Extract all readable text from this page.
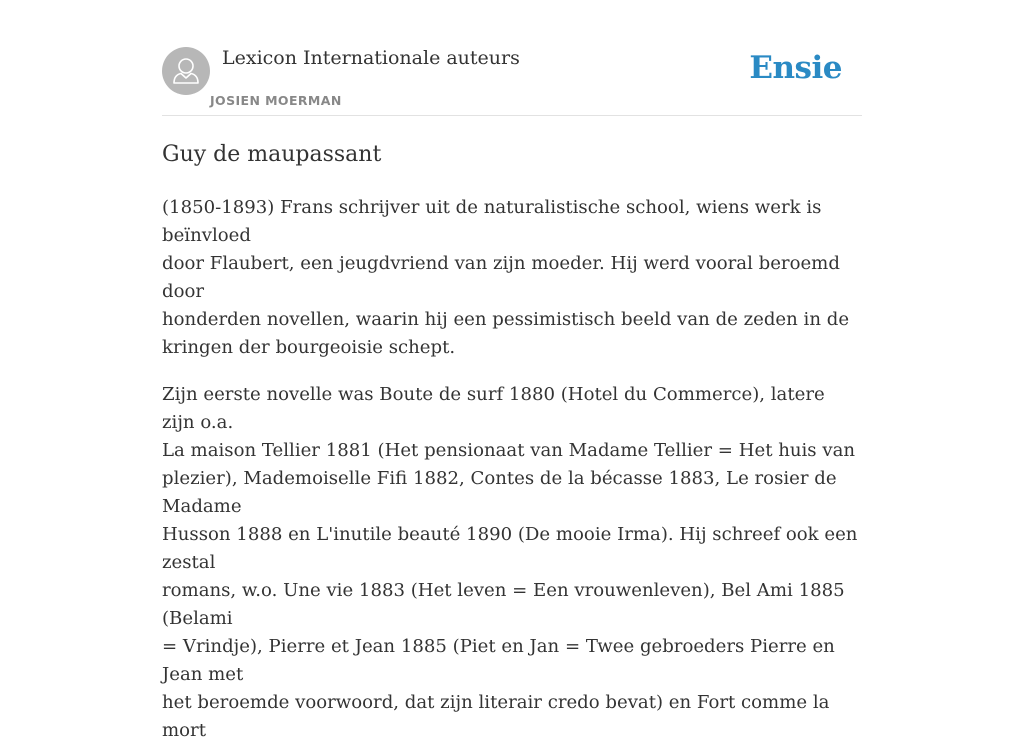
Lexicon Internationale auteurs
JOSIEN MOERMAN
Ensie
Guy de maupassant

(1850-1893) Frans schrijver uit de naturalistische school, wiens werk is beïnvloed
door Flaubert, een jeugdvriend van zijn moeder. Hij werd vooral beroemd door
honderden novellen, waarin hij een pessimistisch beeld van de zeden in de
kringen der bourgeoisie schept.

Zijn eerste novelle was Boute de surf 1880 (Hotel du Commerce), latere zijn o.a.
La maison Tellier 1881 (Het pensionaat van Madame Tellier = Het huis van
plezier), Mademoiselle Fifi 1882, Contes de la bécasse 1883, Le rosier de Madame
Husson 1888 en L'inutile beauté 1890 (De mooie Irma). Hij schreef ook een zestal
romans, w.o. Une vie 1883 (Het leven = Een vrouwenleven), Bel Ami 1885 (Belami
= Vrindje), Pierre et Jean 1885 (Piet en Jan = Twee gebroeders Pierre en Jean met
het beroemde voorwoord, dat zijn literair credo bevat) en Fort comme la mort
